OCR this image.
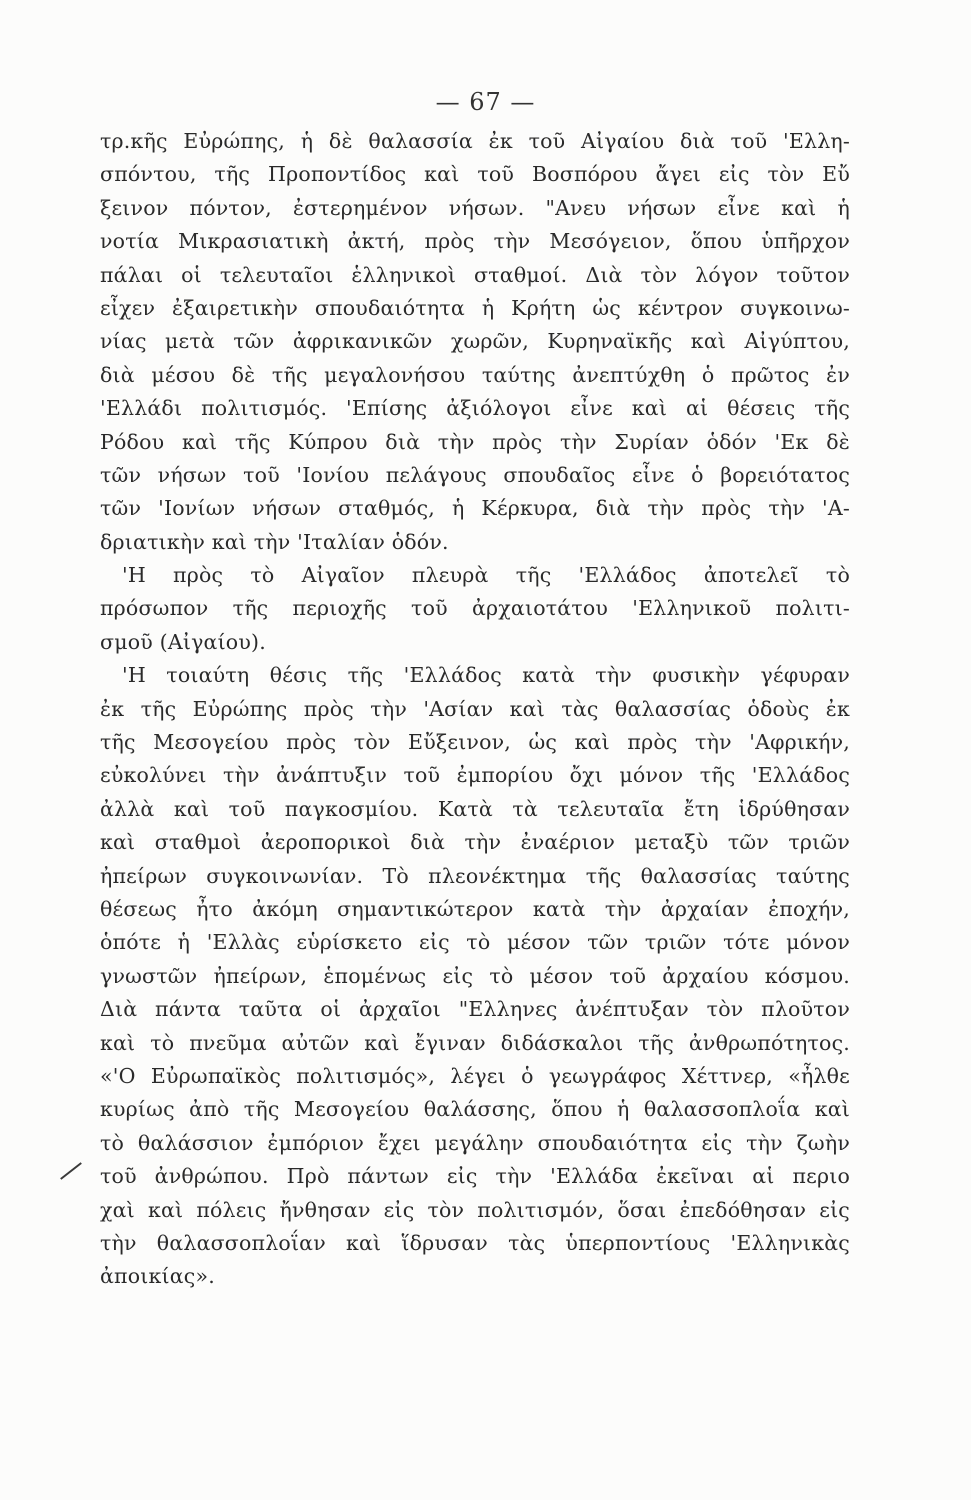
— 67 —
τρ.κῆς Εὐρώπης, ἡ δὲ θαλασσία ἐκ τοῦ Αἰγαίου διὰ τοῦ 'Ελλη-
σπόντου, τῆς Προποντίδος καὶ τοῦ Βοσπόρου ἄγει εἰς τὸν Εὔ
ξεινον πόντον, ἐστερημένον νήσων. "Ανευ νήσων εἶνε καὶ ἡ
νοτία Μικρασιατικὴ ἀκτή, πρὸς τὴν Μεσόγειον, ὅπου ὑπῆρχον
πάλαι οἱ τελευταῖοι ἑλληνικοὶ σταθμοί. Διὰ τὸν λόγον τοῦτον
εἶχεν ἐξαιρετικὴν σπουδαιότητα ἡ Κρήτη ὡς κέντρον συγκοινω-
νίας μετὰ τῶν ἀφρικανικῶν χωρῶν, Κυρηναϊκῆς καὶ Αἰγύπτου,
διὰ μέσου δὲ τῆς μεγαλονήσου ταύτης ἀνεπτύχθη ὁ πρῶτος ἐν
'Ελλάδι πολιτισμός. 'Επίσης ἀξιόλογοι εἶνε καὶ αἱ θέσεις τῆς
Ρόδου καὶ τῆς Κύπρου διὰ τὴν πρὸς τὴν Συρίαν ὁδόν 'Εκ δὲ
τῶν νήσων τοῦ 'Ιονίου πελάγους σπουδαῖος εἶνε ὁ βορειότατος
τῶν 'Ιονίων νήσων σταθμός, ἡ Κέρκυρα, διὰ τὴν πρὸς τὴν 'Α-
δριατικὴν καὶ τὴν 'Ιταλίαν ὁδόν.
'Η πρὸς τὸ Αἰγαῖον πλευρὰ τῆς 'Ελλάδος ἀποτελεῖ τὸ
πρόσωπον τῆς περιοχῆς τοῦ ἀρχαιοτάτου 'Ελληνικοῦ πολιτι-
σμοῦ (Αἰγαίου).
'Η τοιαύτη θέσις τῆς 'Ελλάδος κατὰ τὴν φυσικὴν γέφυραν
ἐκ τῆς Εὐρώπης πρὸς τὴν 'Ασίαν καὶ τὰς θαλασσίας ὁδοὺς ἐκ
τῆς Μεσογείου πρὸς τὸν Εὔξεινον, ὡς καὶ πρὸς τὴν 'Αφρικήν,
εὐκολύνει τὴν ἀνάπτυξιν τοῦ ἐμπορίου ὄχι μόνον τῆς 'Ελλάδος
ἀλλὰ καὶ τοῦ παγκοσμίου. Κατὰ τὰ τελευταῖα ἔτη ἱδρύθησαν
καὶ σταθμοὶ ἀεροπορικοὶ διὰ τὴν ἐναέριον μεταξὺ τῶν τριῶν
ἠπείρων συγκοινωνίαν. Τὸ πλεονέκτημα τῆς θαλασσίας ταύτης
θέσεως ἦτο ἀκόμη σημαντικώτερον κατὰ τὴν ἀρχαίαν ἐποχήν,
ὁπότε ἡ 'Ελλὰς εὑρίσκετο εἰς τὸ μέσον τῶν τριῶν τότε μόνον
γνωστῶν ἠπείρων, ἑπομένως εἰς τὸ μέσον τοῦ ἀρχαίου κόσμου.
Διὰ πάντα ταῦτα οἱ ἀρχαῖοι "Ελληνες ἀνέπτυξαν τὸν πλοῦτον
καὶ τὸ πνεῦμα αὐτῶν καὶ ἔγιναν διδάσκαλοι τῆς ἀνθρωπότητος.
«'Ο Εὐρωπαϊκὸς πολιτισμός», λέγει ὁ γεωγράφος Χέττνερ, «ἦλθε
κυρίως ἀπὸ τῆς Μεσογείου θαλάσσης, ὅπου ἡ θαλασσοπλοΐα καὶ
τὸ θαλάσσιον ἐμπόριον ἔχει μεγάλην σπουδαιότητα εἰς τὴν ζωὴν
τοῦ ἀνθρώπου. Πρὸ πάντων εἰς τὴν 'Ελλάδα ἐκεῖναι αἱ περιο
χαὶ καὶ πόλεις ἤνθησαν εἰς τὸν πολιτισμόν, ὅσαι ἐπεδόθησαν εἰς
τὴν θαλασσοπλοΐαν καὶ ἵδρυσαν τὰς ὑπερποντίους 'Ελληνικὰς
ἀποικίας».
